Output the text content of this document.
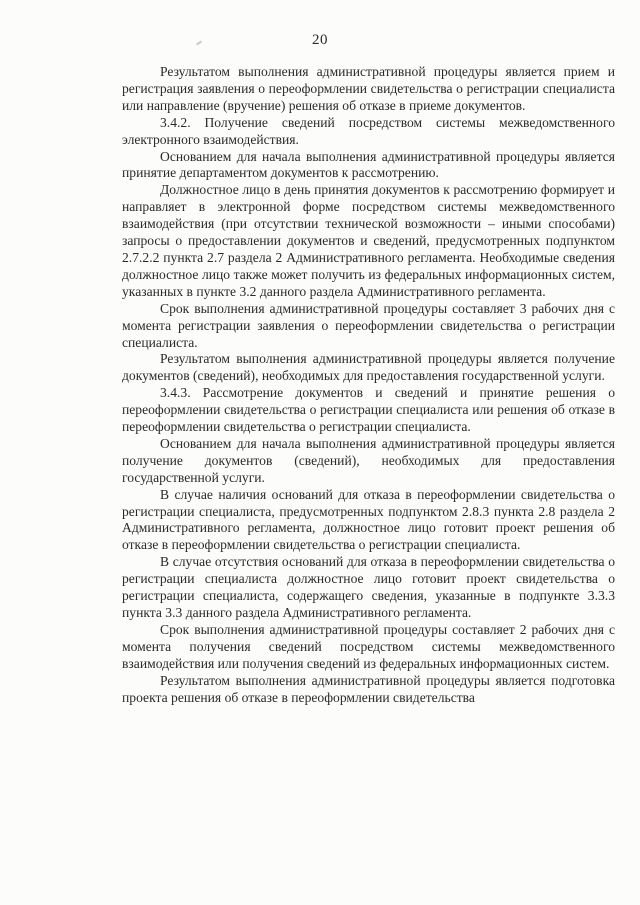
20

Результатом выполнения административной процедуры является прием и регистрация заявления о переоформлении свидетельства о регистрации специалиста или направление (вручение) решения об отказе в приеме документов.

3.4.2. Получение сведений посредством системы межведомственного электронного взаимодействия.

Основанием для начала выполнения административной процедуры является принятие департаментом документов к рассмотрению.

Должностное лицо в день принятия документов к рассмотрению формирует и направляет в электронной форме посредством системы межведомственного взаимодействия (при отсутствии технической возможности – иными способами) запросы о предоставлении документов и сведений, предусмотренных подпунктом 2.7.2.2 пункта 2.7 раздела 2 Административного регламента. Необходимые сведения должностное лицо также может получить из федеральных информационных систем, указанных в пункте 3.2 данного раздела Административного регламента.

Срок выполнения административной процедуры составляет 3 рабочих дня с момента регистрации заявления о переоформлении свидетельства о регистрации специалиста.

Результатом выполнения административной процедуры является получение документов (сведений), необходимых для предоставления государственной услуги.

3.4.3. Рассмотрение документов и сведений и принятие решения о переоформлении свидетельства о регистрации специалиста или решения об отказе в переоформлении свидетельства о регистрации специалиста.

Основанием для начала выполнения административной процедуры является получение документов (сведений), необходимых для предоставления государственной услуги.

В случае наличия оснований для отказа в переоформлении свидетельства о регистрации специалиста, предусмотренных подпунктом 2.8.3 пункта 2.8 раздела 2 Административного регламента, должностное лицо готовит проект решения об отказе в переоформлении свидетельства о регистрации специалиста.

В случае отсутствия оснований для отказа в переоформлении свидетельства о регистрации специалиста должностное лицо готовит проект свидетельства о регистрации специалиста, содержащего сведения, указанные в подпункте 3.3.3 пункта 3.3 данного раздела Административного регламента.

Срок выполнения административной процедуры составляет 2 рабочих дня с момента получения сведений посредством системы межведомственного взаимодействия или получения сведений из федеральных информационных систем.

Результатом выполнения административной процедуры является подготовка проекта решения об отказе в переоформлении свидетельства
